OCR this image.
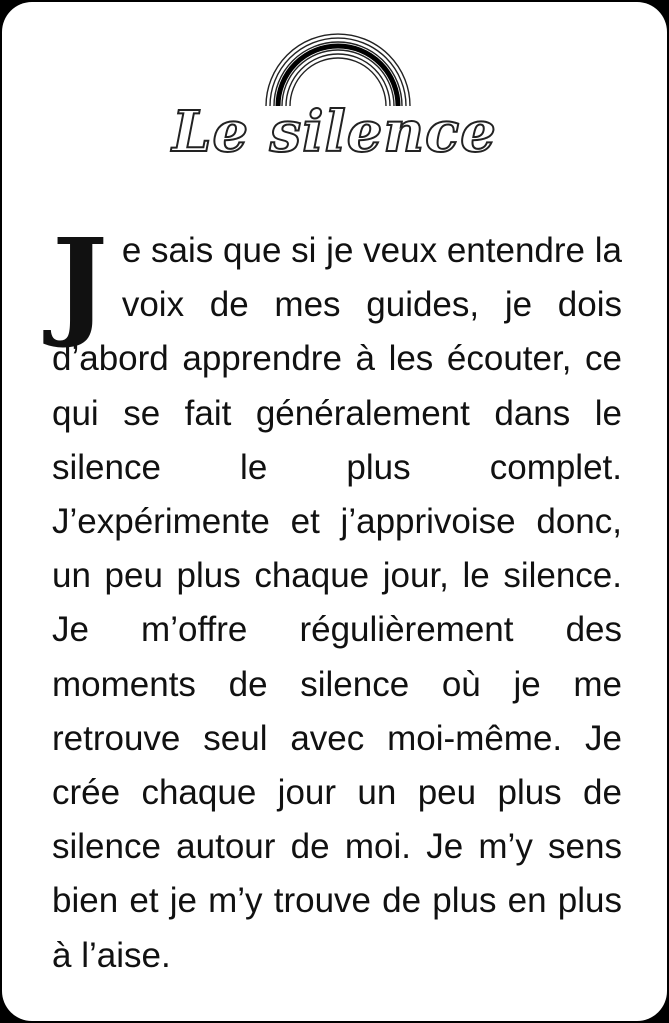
Le silence
J e sais que si je veux entendre la voix de mes guides, je dois d’abord apprendre à les écouter, ce qui se fait généralement dans le silence le plus complet. J’expérimente et j’apprivoise donc, un peu plus chaque jour, le silence. Je m’offre régulièrement des moments de silence où je me retrouve seul avec moi-même. Je crée chaque jour un peu plus de silence autour de moi. Je m’y sens bien et je m’y trouve de plus en plus à l’aise.
